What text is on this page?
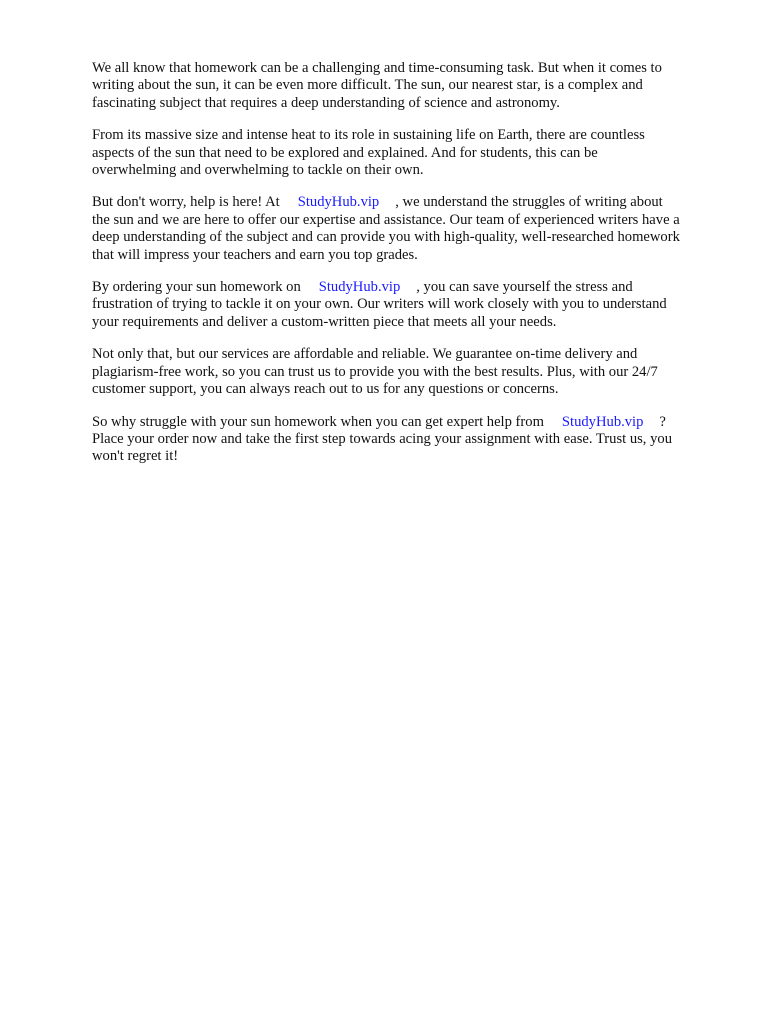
We all know that homework can be a challenging and time-consuming task. But when it comes to
writing about the sun, it can be even more difficult. The sun, our nearest star, is a complex and
fascinating subject that requires a deep understanding of science and astronomy.

From its massive size and intense heat to its role in sustaining life on Earth, there are countless
aspects of the sun that need to be explored and explained. And for students, this can be
overwhelming and overwhelming to tackle on their own.

But don't worry, help is here! At StudyHub.vip , we understand the struggles of writing about
the sun and we are here to offer our expertise and assistance. Our team of experienced writers have a
deep understanding of the subject and can provide you with high-quality, well-researched homework
that will impress your teachers and earn you top grades.

By ordering your sun homework on StudyHub.vip , you can save yourself the stress and
frustration of trying to tackle it on your own. Our writers will work closely with you to understand
your requirements and deliver a custom-written piece that meets all your needs.

Not only that, but our services are affordable and reliable. We guarantee on-time delivery and
plagiarism-free work, so you can trust us to provide you with the best results. Plus, with our 24/7
customer support, you can always reach out to us for any questions or concerns.

So why struggle with your sun homework when you can get expert help from StudyHub.vip ?
Place your order now and take the first step towards acing your assignment with ease. Trust us, you
won't regret it!
